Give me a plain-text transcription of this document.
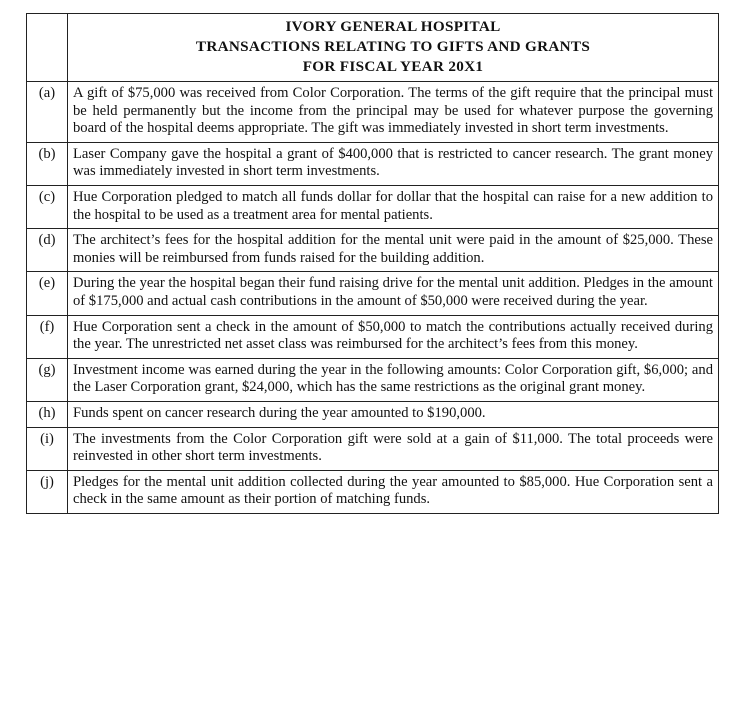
	IVORY GENERAL HOSPITAL
TRANSACTIONS RELATING TO GIFTS AND GRANTS
FOR FISCAL YEAR 20X1

(a)	A gift of $75,000 was received from Color Corporation. The terms of the gift require that the principal must be held permanently but the income from the principal may be used for whatever purpose the governing board of the hospital deems appropriate. The gift was immediately invested in short term investments.
(b)	Laser Company gave the hospital a grant of $400,000 that is restricted to cancer research. The grant money was immediately invested in short term investments.
(c)	Hue Corporation pledged to match all funds dollar for dollar that the hospital can raise for a new addition to the hospital to be used as a treatment area for mental patients.
(d)	The architect’s fees for the hospital addition for the mental unit were paid in the amount of $25,000. These monies will be reimbursed from funds raised for the building addition.
(e)	During the year the hospital began their fund raising drive for the mental unit addition. Pledges in the amount of $175,000 and actual cash contributions in the amount of $50,000 were received during the year.
(f)	Hue Corporation sent a check in the amount of $50,000 to match the contributions actually received during the year. The unrestricted net asset class was reimbursed for the architect’s fees from this money.
(g)	Investment income was earned during the year in the following amounts: Color Corporation gift, $6,000; and the Laser Corporation grant, $24,000, which has the same restrictions as the original grant money.
(h)	Funds spent on cancer research during the year amounted to $190,000.
(i)	The investments from the Color Corporation gift were sold at a gain of $11,000. The total proceeds were reinvested in other short term investments.
(j)	Pledges for the mental unit addition collected during the year amounted to $85,000. Hue Corporation sent a check in the same amount as their portion of matching funds.
